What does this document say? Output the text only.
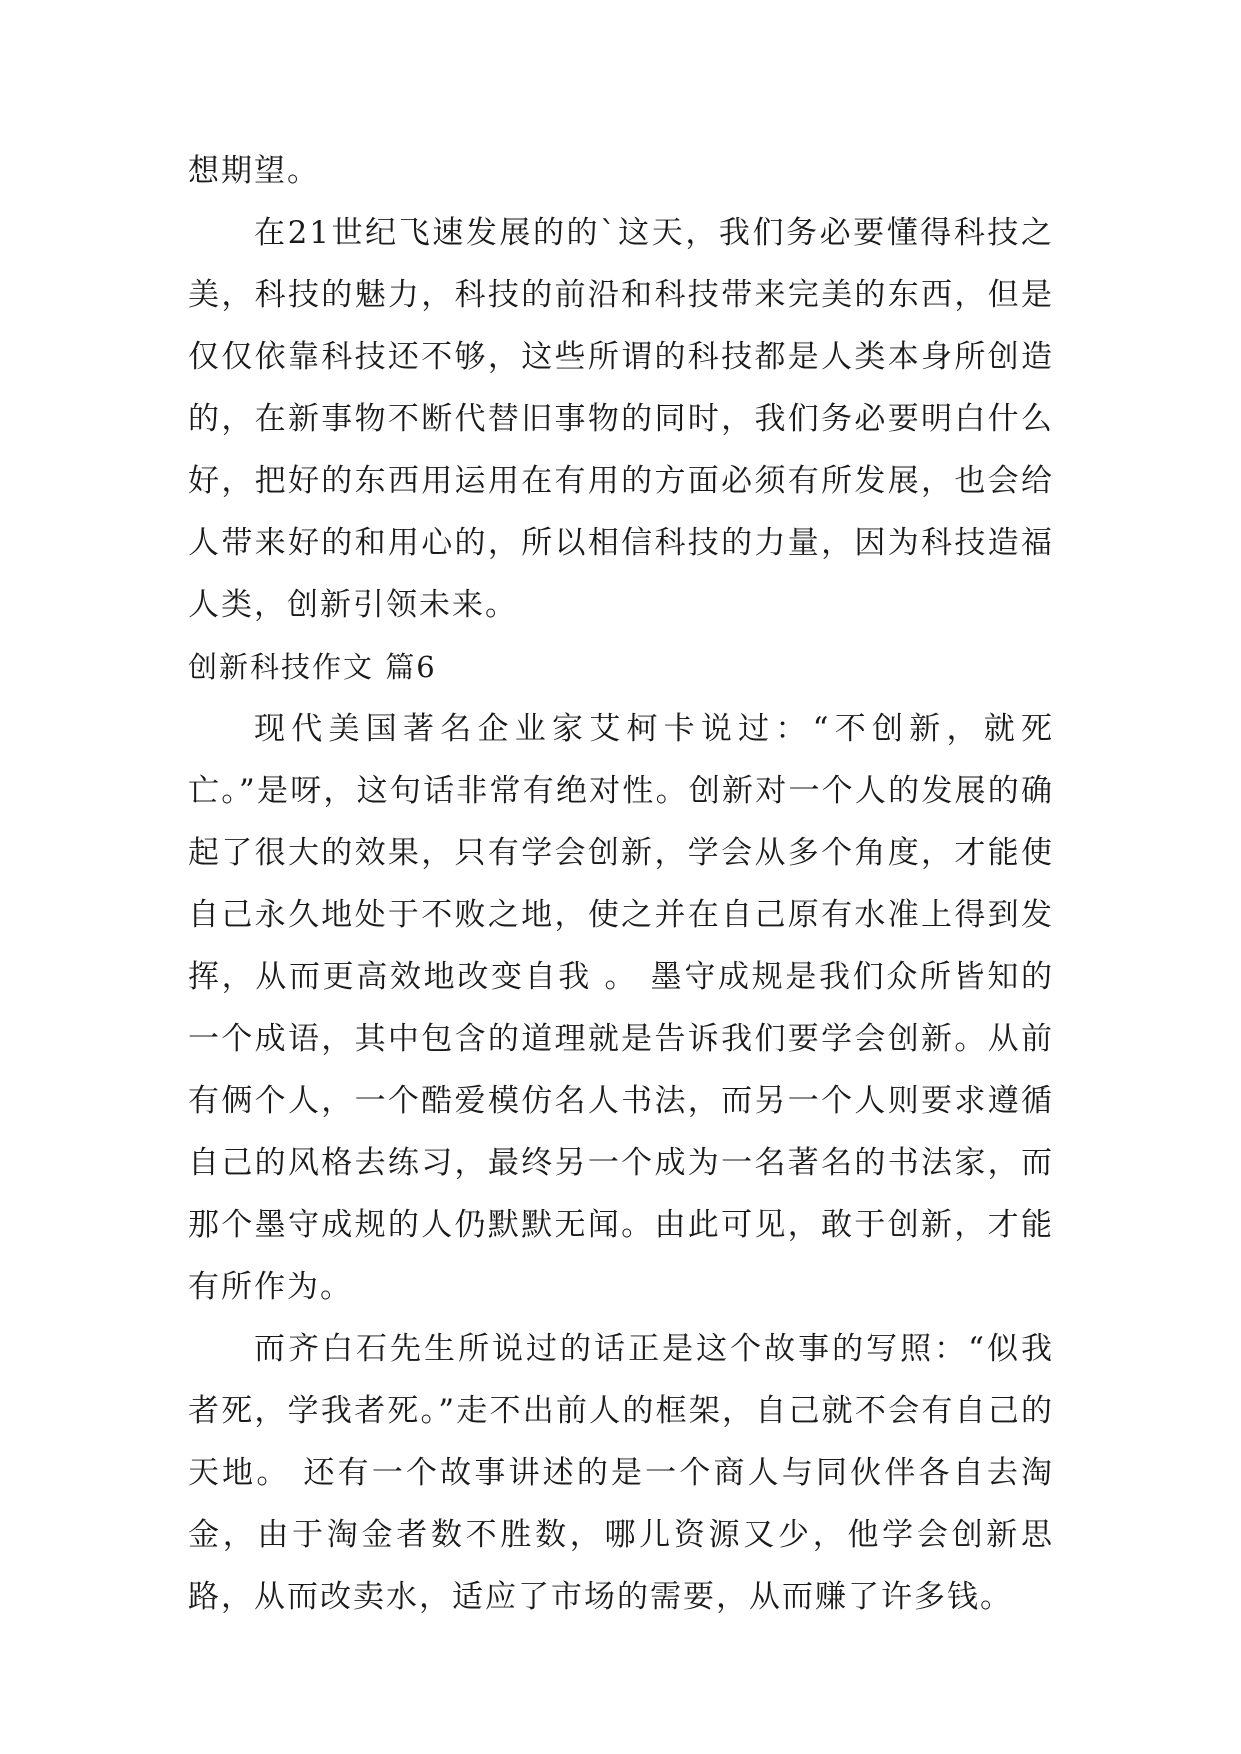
想期望。

在21世纪飞速发展的的`这天，我们务必要懂得科技之美，科技的魅力，科技的前沿和科技带来完美的东西，但是仅仅依靠科技还不够，这些所谓的科技都是人类本身所创造的，在新事物不断代替旧事物的同时，我们务必要明白什么好，把好的东西用运用在有用的方面必须有所发展，也会给人带来好的和用心的，所以相信科技的力量，因为科技造福人类，创新引领未来。

创新科技作文 篇6

现代美国著名企业家艾柯卡说过：“不创新，就死亡。”是呀，这句话非常有绝对性。创新对一个人的发展的确起了很大的效果，只有学会创新，学会从多个角度，才能使自己永久地处于不败之地，使之并在自己原有水准上得到发挥，从而更高效地改变自我 。 墨守成规是我们众所皆知的一个成语，其中包含的道理就是告诉我们要学会创新。从前有俩个人，一个酷爱模仿名人书法，而另一个人则要求遵循自己的风格去练习，最终另一个成为一名著名的书法家，而那个墨守成规的人仍默默无闻。由此可见，敢于创新，才能有所作为。

而齐白石先生所说过的话正是这个故事的写照：“似我者死，学我者死。”走不出前人的框架，自己就不会有自己的天地。 还有一个故事讲述的是一个商人与同伙伴各自去淘金，由于淘金者数不胜数，哪儿资源又少，他学会创新思路，从而改卖水，适应了市场的需要，从而赚了许多钱。
